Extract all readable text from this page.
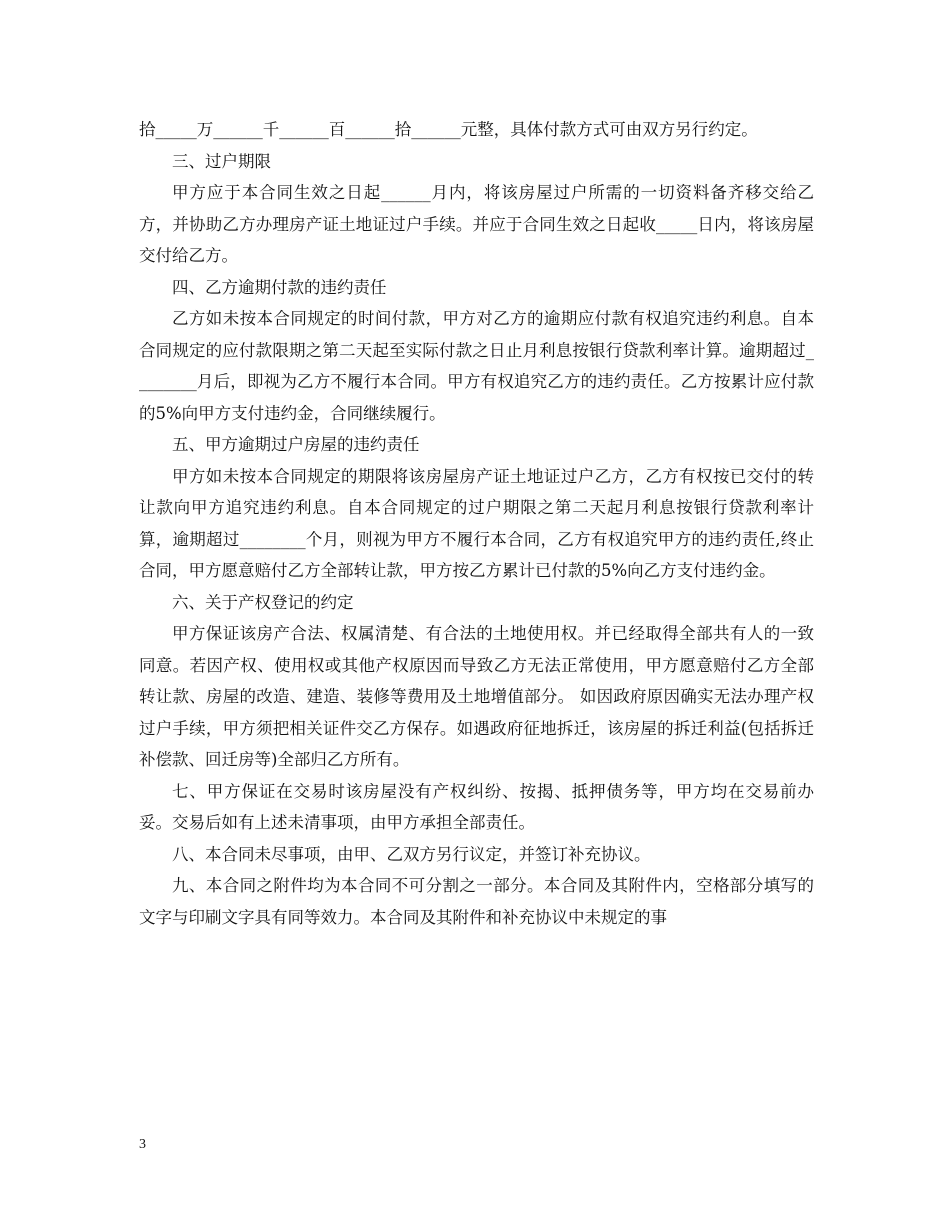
拾_____万______千______百______拾______元整，具体付款方式可由双方另行约定。

三、过户期限

甲方应于本合同生效之日起______月内，将该房屋过户所需的一切资料备齐移交给乙方，并协助乙方办理房产证土地证过户手续。并应于合同生效之日起收_____日内，将该房屋交付给乙方。

四、乙方逾期付款的违约责任

乙方如未按本合同规定的时间付款，甲方对乙方的逾期应付款有权追究违约利息。自本合同规定的应付款限期之第二天起至实际付款之日止月利息按银行贷款利率计算。逾期超过________月后，即视为乙方不履行本合同。甲方有权追究乙方的违约责任。乙方按累计应付款的5%向甲方支付违约金，合同继续履行。

五、甲方逾期过户房屋的违约责任

甲方如未按本合同规定的期限将该房屋房产证土地证过户乙方，乙方有权按已交付的转让款向甲方追究违约利息。自本合同规定的过户期限之第二天起月利息按银行贷款利率计算，逾期超过________个月，则视为甲方不履行本合同，乙方有权追究甲方的违约责任,终止合同，甲方愿意赔付乙方全部转让款，甲方按乙方累计已付款的5%向乙方支付违约金。

六、关于产权登记的约定

甲方保证该房产合法、权属清楚、有合法的土地使用权。并已经取得全部共有人的一致同意。若因产权、使用权或其他产权原因而导致乙方无法正常使用，甲方愿意赔付乙方全部转让款、房屋的改造、建造、装修等费用及土地增值部分。 如因政府原因确实无法办理产权过户手续，甲方须把相关证件交乙方保存。如遇政府征地拆迁，该房屋的拆迁利益(包括拆迁补偿款、回迁房等)全部归乙方所有。

七、甲方保证在交易时该房屋没有产权纠纷、按揭、抵押债务等，甲方均在交易前办妥。交易后如有上述未清事项，由甲方承担全部责任。

八、本合同未尽事项，由甲、乙双方另行议定，并签订补充协议。

九、本合同之附件均为本合同不可分割之一部分。本合同及其附件内，空格部分填写的文字与印刷文字具有同等效力。本合同及其附件和补充协议中未规定的事

3
